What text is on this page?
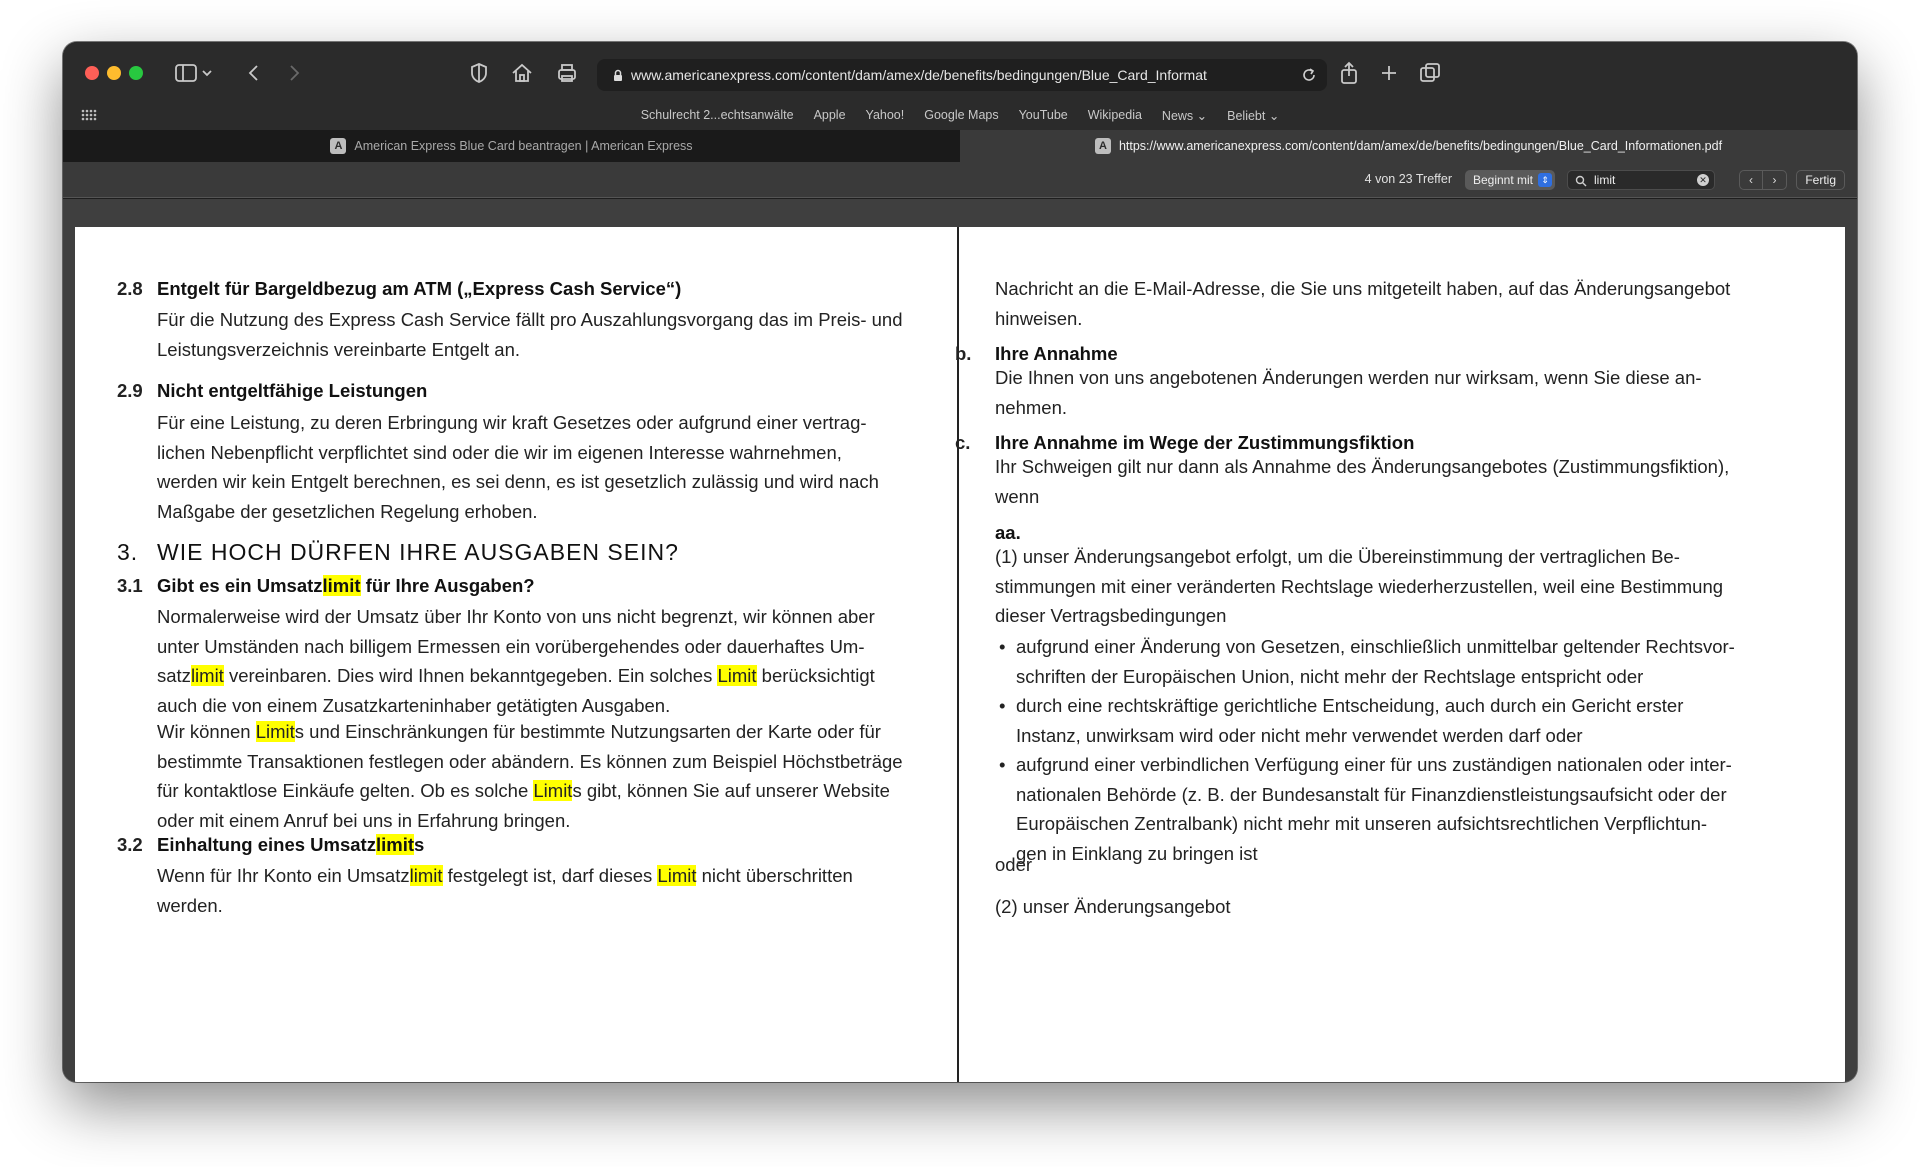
www.americanexpress.com/content/dam/amex/de/benefits/bedingungen/Blue_Card_Informat
Schulrecht 2...echtsanwälte	Apple	Yahoo!	Google Maps	YouTube	Wikipedia	News ⌄	Beliebt ⌄
A American Express Blue Card beantragen | American Express	A https://www.americanexpress.com/content/dam/amex/de/benefits/bedingungen/Blue_Card_Informationen.pdf
4 von 23 Treffer	Beginnt mit ⇕	limit	✕	‹	›	Fertig
2.8 Entgelt für Bargeldbezug am ATM („Express Cash Service“)
Für die Nutzung des Express Cash Service fällt pro Auszahlungsvorgang das im Preis- und
Leistungsverzeichnis vereinbarte Entgelt an.
2.9 Nicht entgeltfähige Leistungen
Für eine Leistung, zu deren Erbringung wir kraft Gesetzes oder aufgrund einer vertrag-
lichen Nebenpflicht verpflichtet sind oder die wir im eigenen Interesse wahrnehmen,
werden wir kein Entgelt berechnen, es sei denn, es ist gesetzlich zulässig und wird nach
Maßgabe der gesetzlichen Regelung erhoben.
3. WIE HOCH DÜRFEN IHRE AUSGABEN SEIN?
3.1 Gibt es ein Umsatzlimit für Ihre Ausgaben?
Normalerweise wird der Umsatz über Ihr Konto von uns nicht begrenzt, wir können aber
unter Umständen nach billigem Ermessen ein vorübergehendes oder dauerhaftes Um-
satzlimit vereinbaren. Dies wird Ihnen bekanntgegeben. Ein solches Limit berücksichtigt
auch die von einem Zusatzkarteninhaber getätigten Ausgaben.
Wir können Limits und Einschränkungen für bestimmte Nutzungsarten der Karte oder für
bestimmte Transaktionen festlegen oder abändern. Es können zum Beispiel Höchstbeträge
für kontaktlose Einkäufe gelten. Ob es solche Limits gibt, können Sie auf unserer Website
oder mit einem Anruf bei uns in Erfahrung bringen.
3.2 Einhaltung eines Umsatzlimits
Wenn für Ihr Konto ein Umsatzlimit festgelegt ist, darf dieses Limit nicht überschritten
werden.
Nachricht an die E-Mail-Adresse, die Sie uns mitgeteilt haben, auf das Änderungsangebot
hinweisen.
b.	Ihre Annahme
Die Ihnen von uns angebotenen Änderungen werden nur wirksam, wenn Sie diese an-
nehmen.
c.	Ihre Annahme im Wege der Zustimmungsfiktion
Ihr Schweigen gilt nur dann als Annahme des Änderungsangebotes (Zustimmungsfiktion),
wenn
aa.
(1) unser Änderungsangebot erfolgt, um die Übereinstimmung der vertraglichen Be-
stimmungen mit einer veränderten Rechtslage wiederherzustellen, weil eine Bestimmung
dieser Vertragsbedingungen
• aufgrund einer Änderung von Gesetzen, einschließlich unmittelbar geltender Rechtsvor-
schriften der Europäischen Union, nicht mehr der Rechtslage entspricht oder
• durch eine rechtskräftige gerichtliche Entscheidung, auch durch ein Gericht erster
Instanz, unwirksam wird oder nicht mehr verwendet werden darf oder
• aufgrund einer verbindlichen Verfügung einer für uns zuständigen nationalen oder inter-
nationalen Behörde (z. B. der Bundesanstalt für Finanzdienstleistungsaufsicht oder der
Europäischen Zentralbank) nicht mehr mit unseren aufsichtsrechtlichen Verpflichtun-
gen in Einklang zu bringen ist
oder
(2) unser Änderungsangebot
